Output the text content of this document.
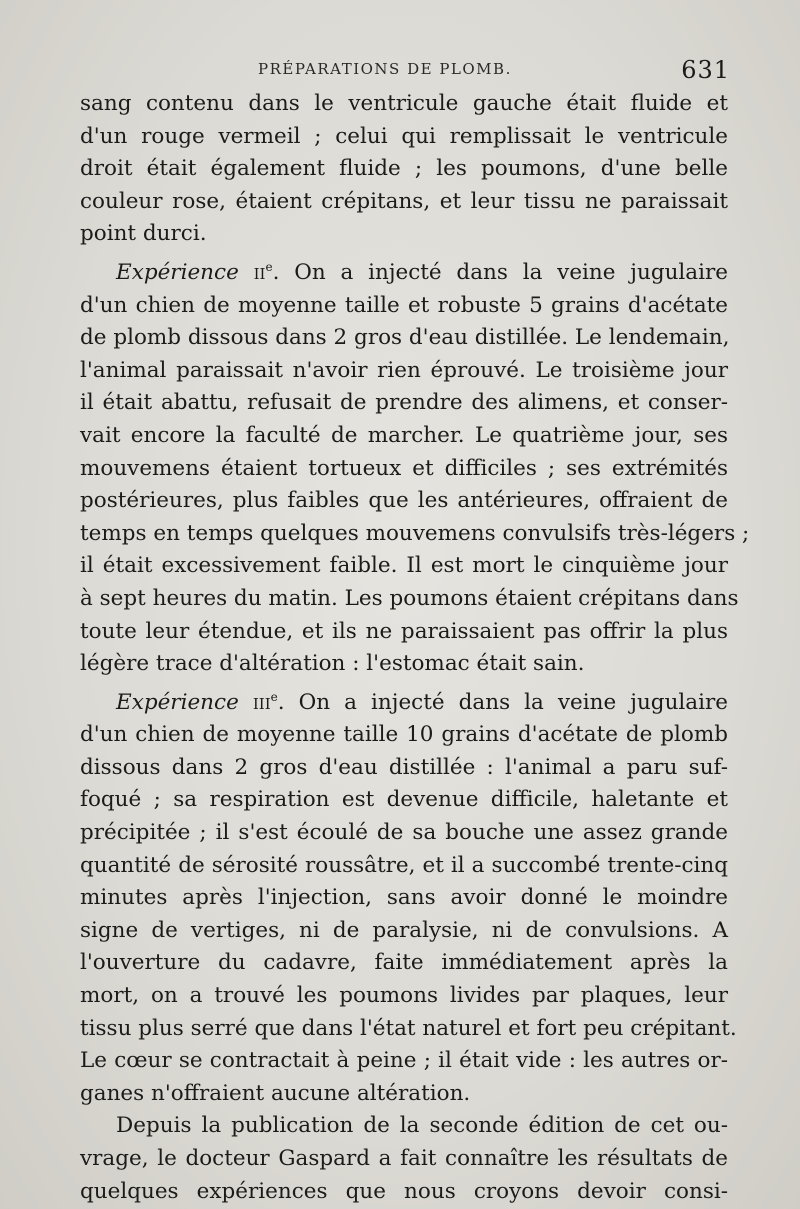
PRÉPARATIONS DE PLOMB.	631
sang contenu dans le ventricule gauche était fluide et
d'un rouge vermeil ; celui qui remplissait le ventricule
droit était également fluide ; les poumons, d'une belle
couleur rose, étaient crépitans, et leur tissu ne paraissait
point durci.
Expérience $ii^e$. On a injecté dans la veine jugulaire
d'un chien de moyenne taille et robuste 5 grains d'acétate
de plomb dissous dans 2 gros d'eau distillée. Le lendemain,
l'animal paraissait n'avoir rien éprouvé. Le troisième jour
il était abattu, refusait de prendre des alimens, et conser-
vait encore la faculté de marcher. Le quatrième jour, ses
mouvemens étaient tortueux et difficiles ; ses extrémités
postérieures, plus faibles que les antérieures, offraient de
temps en temps quelques mouvemens convulsifs très-légers ;
il était excessivement faible. Il est mort le cinquième jour
à sept heures du matin. Les poumons étaient crépitans dans
toute leur étendue, et ils ne paraissaient pas offrir la plus
légère trace d'altération : l'estomac était sain.
Expérience iii$^e$. On a injecté dans la veine jugulaire
d'un chien de moyenne taille 10 grains d'acétate de plomb
dissous dans 2 gros d'eau distillée : l'animal a paru suf-
foqué ; sa respiration est devenue difficile, haletante et
précipitée ; il s'est écoulé de sa bouche une assez grande
quantité de sérosité roussâtre, et il a succombé trente-cinq
minutes après l'injection, sans avoir donné le moindre
signe de vertiges, ni de paralysie, ni de convulsions. A
l'ouverture du cadavre, faite immédiatement après la
mort, on a trouvé les poumons livides par plaques, leur
tissu plus serré que dans l'état naturel et fort peu crépitant.
Le cœur se contractait à peine ; il était vide : les autres or-
ganes n'offraient aucune altération.
Depuis la publication de la seconde édition de cet ou-
vrage, le docteur Gaspard a fait connaître les résultats de
quelques expériences que nous croyons devoir consi-
